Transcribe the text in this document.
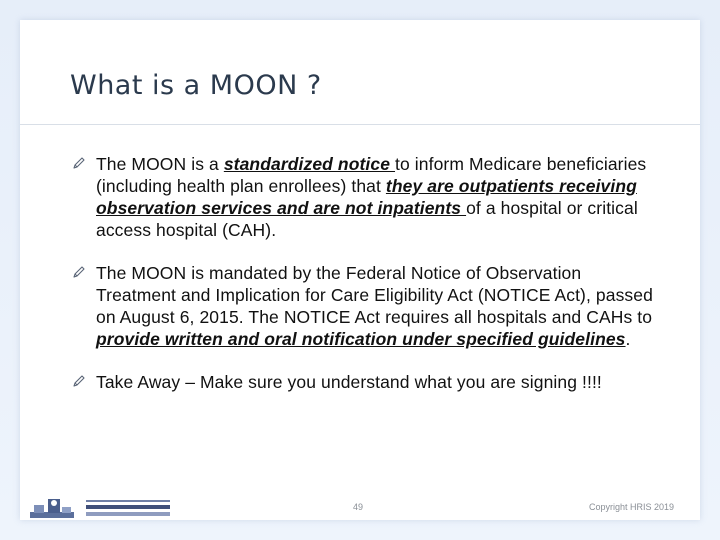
What is a MOON ?
The MOON is a standardized notice to inform Medicare beneficiaries (including health plan enrollees) that they are outpatients receiving observation services and are not inpatients of a hospital or critical access hospital (CAH).
The MOON is mandated by the Federal Notice of Observation Treatment and Implication for Care Eligibility Act (NOTICE Act), passed on August 6, 2015. The NOTICE Act requires all hospitals and CAHs to provide written and oral notification under specified guidelines.
Take Away – Make sure you understand what you are signing !!!!
49	Copyright HRIS 2019
